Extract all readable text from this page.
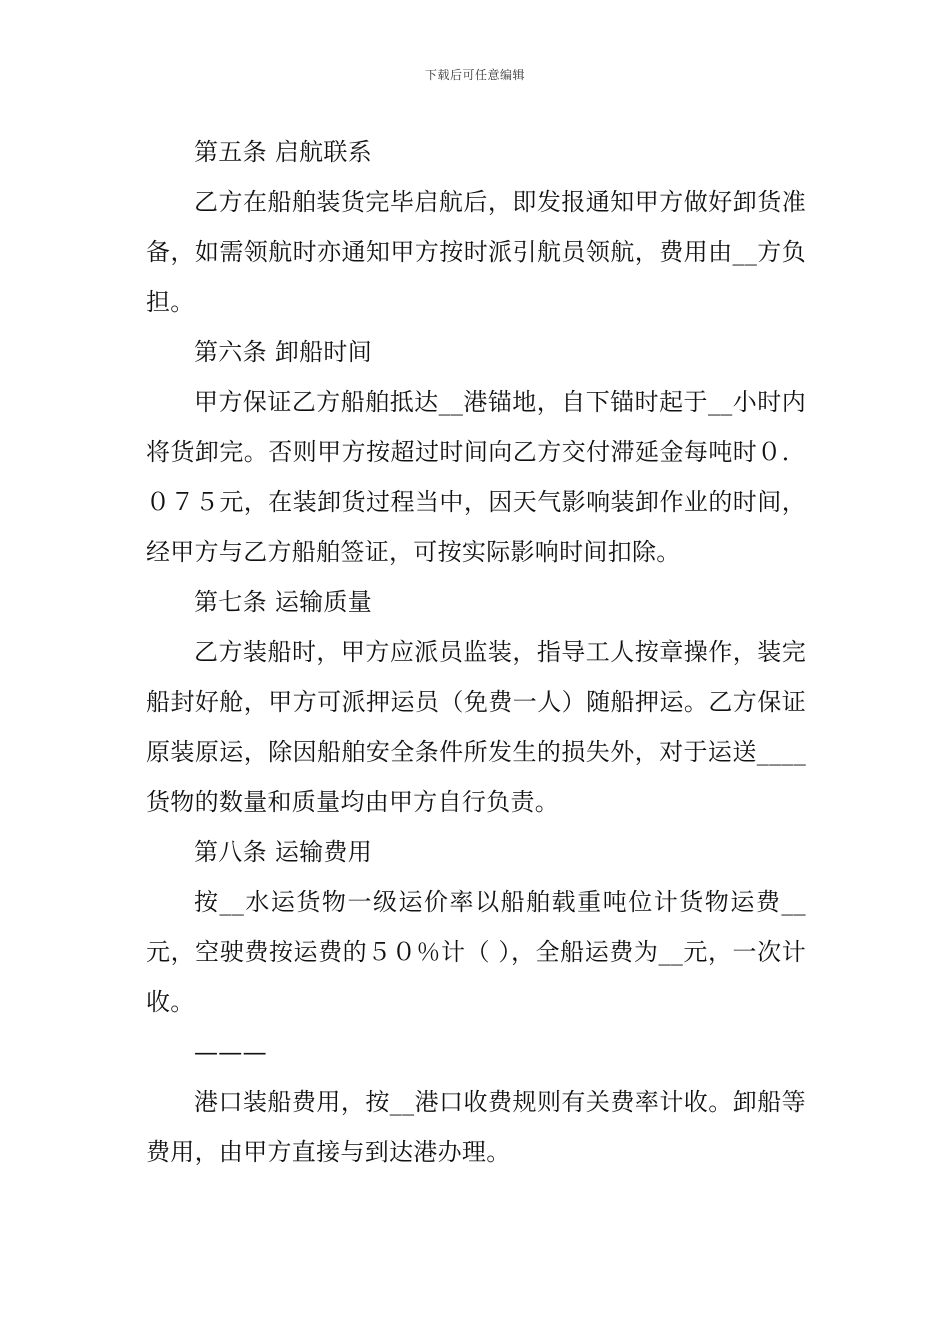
下载后可任意编辑

第五条 启航联系

乙方在船舶装货完毕启航后，即发报通知甲方做好卸货准备，如需领航时亦通知甲方按时派引航员领航，费用由__方负担。

第六条 卸船时间

甲方保证乙方船舶抵达__港锚地，自下锚时起于__小时内将货卸完。否则甲方按超过时间向乙方交付滞延金每吨时０．０７５元，在装卸货过程当中，因天气影响装卸作业的时间，经甲方与乙方船舶签证，可按实际影响时间扣除。

第七条 运输质量

乙方装船时，甲方应派员监装，指导工人按章操作，装完船封好舱，甲方可派押运员（免费一人）随船押运。乙方保证原装原运，除因船舶安全条件所发生的损失外，对于运送____货物的数量和质量均由甲方自行负责。

第八条 运输费用

按__水运货物一级运价率以船舶载重吨位计货物运费__元，空驶费按运费的５０％计（ ），全船运费为__元，一次计收。

———

港口装船费用，按__港口收费规则有关费率计收。卸船等费用，由甲方直接与到达港办理。
